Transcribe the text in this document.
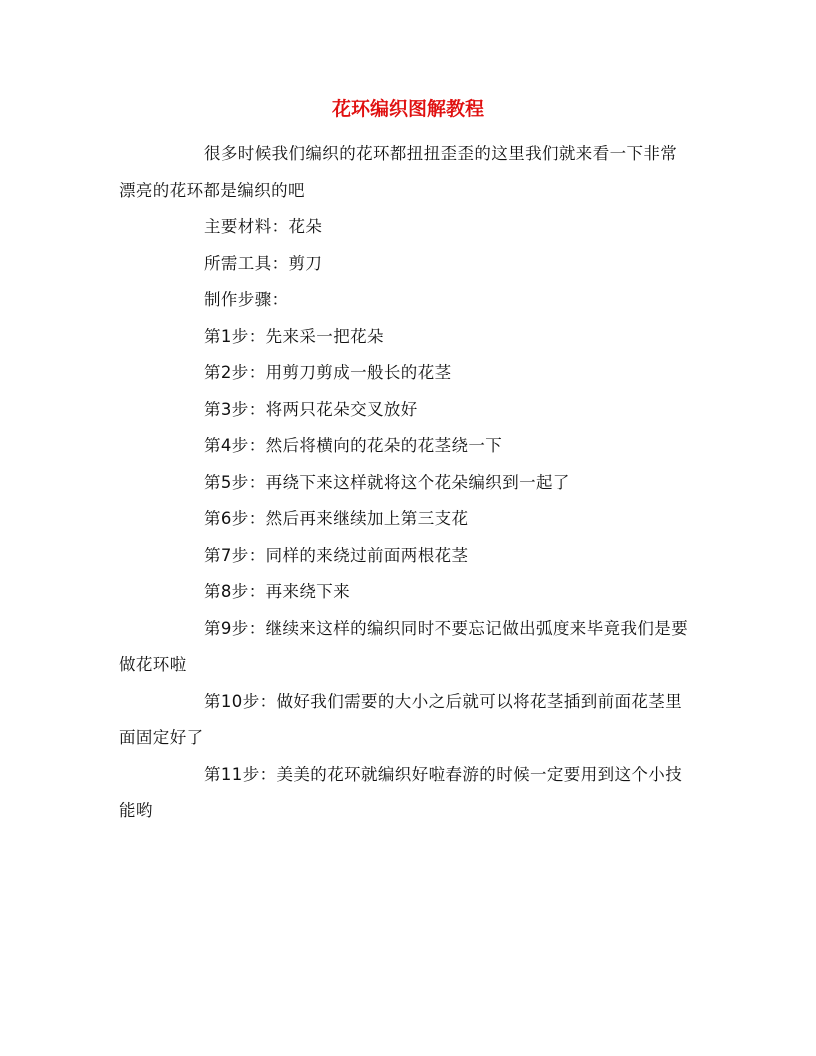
花环编织图解教程

很多时候我们编织的花环都扭扭歪歪的这里我们就来看一下非常漂亮的花环都是编织的吧

主要材料：花朵

所需工具：剪刀

制作步骤：

第1步：先来采一把花朵

第2步：用剪刀剪成一般长的花茎

第3步：将两只花朵交叉放好

第4步：然后将横向的花朵的花茎绕一下

第5步：再绕下来这样就将这个花朵编织到一起了

第6步：然后再来继续加上第三支花

第7步：同样的来绕过前面两根花茎

第8步：再来绕下来

第9步：继续来这样的编织同时不要忘记做出弧度来毕竟我们是要做花环啦

第10步：做好我们需要的大小之后就可以将花茎插到前面花茎里面固定好了

第11步：美美的花环就编织好啦春游的时候一定要用到这个小技能哟
